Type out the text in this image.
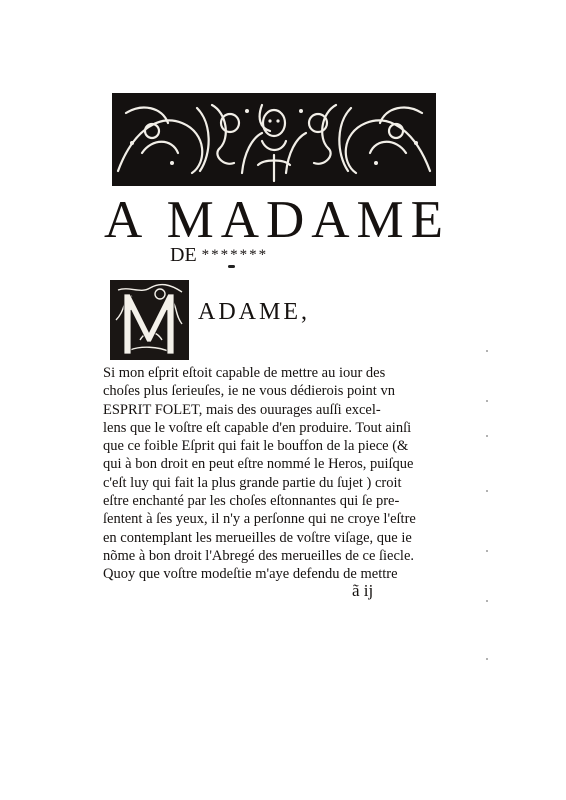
A MADAME
DE *******
ADAME,
Si mon eſprit eſtoit capable de mettre au iour des
choſes plus ſerieuſes, ie ne vous dédierois point vn
ESPRIT FOLET, mais des ouurages auſſi excel-
lens que le voſtre eſt capable d'en produire. Tout ainſi
que ce foible Eſprit qui fait le bouffon de la piece (&
qui à bon droit en peut eſtre nommé le Heros, puiſque
c'eſt luy qui fait la plus grande partie du ſujet ) croit
eſtre enchanté par les choſes eſtonnantes qui ſe pre-
ſentent à ſes yeux, il n'y a perſonne qui ne croye l'eſtre
en contemplant les merueilles de voſtre viſage, que ie
nõme à bon droit l'Abregé des merueilles de ce ſiecle.
Quoy que voſtre modeſtie m'aye defendu de mettre
ã ij
